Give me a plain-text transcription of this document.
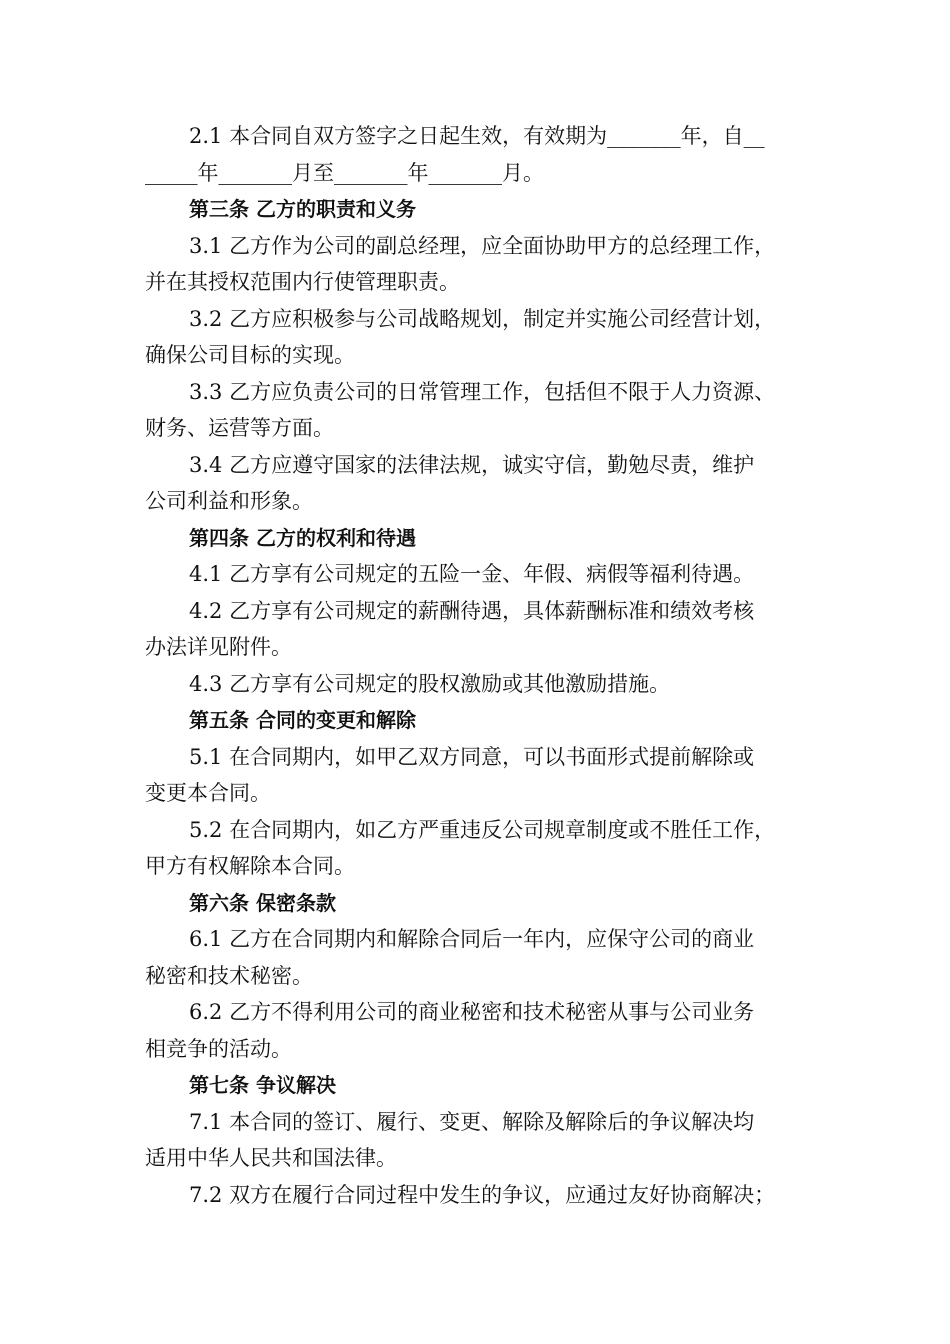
2.1 本合同自双方签字之日起生效，有效期为_______年，自__
_____年_______月至_______年_______月。
第三条 乙方的职责和义务
3.1 乙方作为公司的副总经理，应全面协助甲方的总经理工作，
并在其授权范围内行使管理职责。
3.2 乙方应积极参与公司战略规划，制定并实施公司经营计划，
确保公司目标的实现。
3.3 乙方应负责公司的日常管理工作，包括但不限于人力资源、
财务、运营等方面。
3.4 乙方应遵守国家的法律法规，诚实守信，勤勉尽责，维护
公司利益和形象。
第四条 乙方的权利和待遇
4.1 乙方享有公司规定的五险一金、年假、病假等福利待遇。
4.2 乙方享有公司规定的薪酬待遇，具体薪酬标准和绩效考核
办法详见附件。
4.3 乙方享有公司规定的股权激励或其他激励措施。
第五条 合同的变更和解除
5.1 在合同期内，如甲乙双方同意，可以书面形式提前解除或
变更本合同。
5.2 在合同期内，如乙方严重违反公司规章制度或不胜任工作，
甲方有权解除本合同。
第六条 保密条款
6.1 乙方在合同期内和解除合同后一年内，应保守公司的商业
秘密和技术秘密。
6.2 乙方不得利用公司的商业秘密和技术秘密从事与公司业务
相竞争的活动。
第七条 争议解决
7.1 本合同的签订、履行、变更、解除及解除后的争议解决均
适用中华人民共和国法律。
7.2 双方在履行合同过程中发生的争议，应通过友好协商解决；
